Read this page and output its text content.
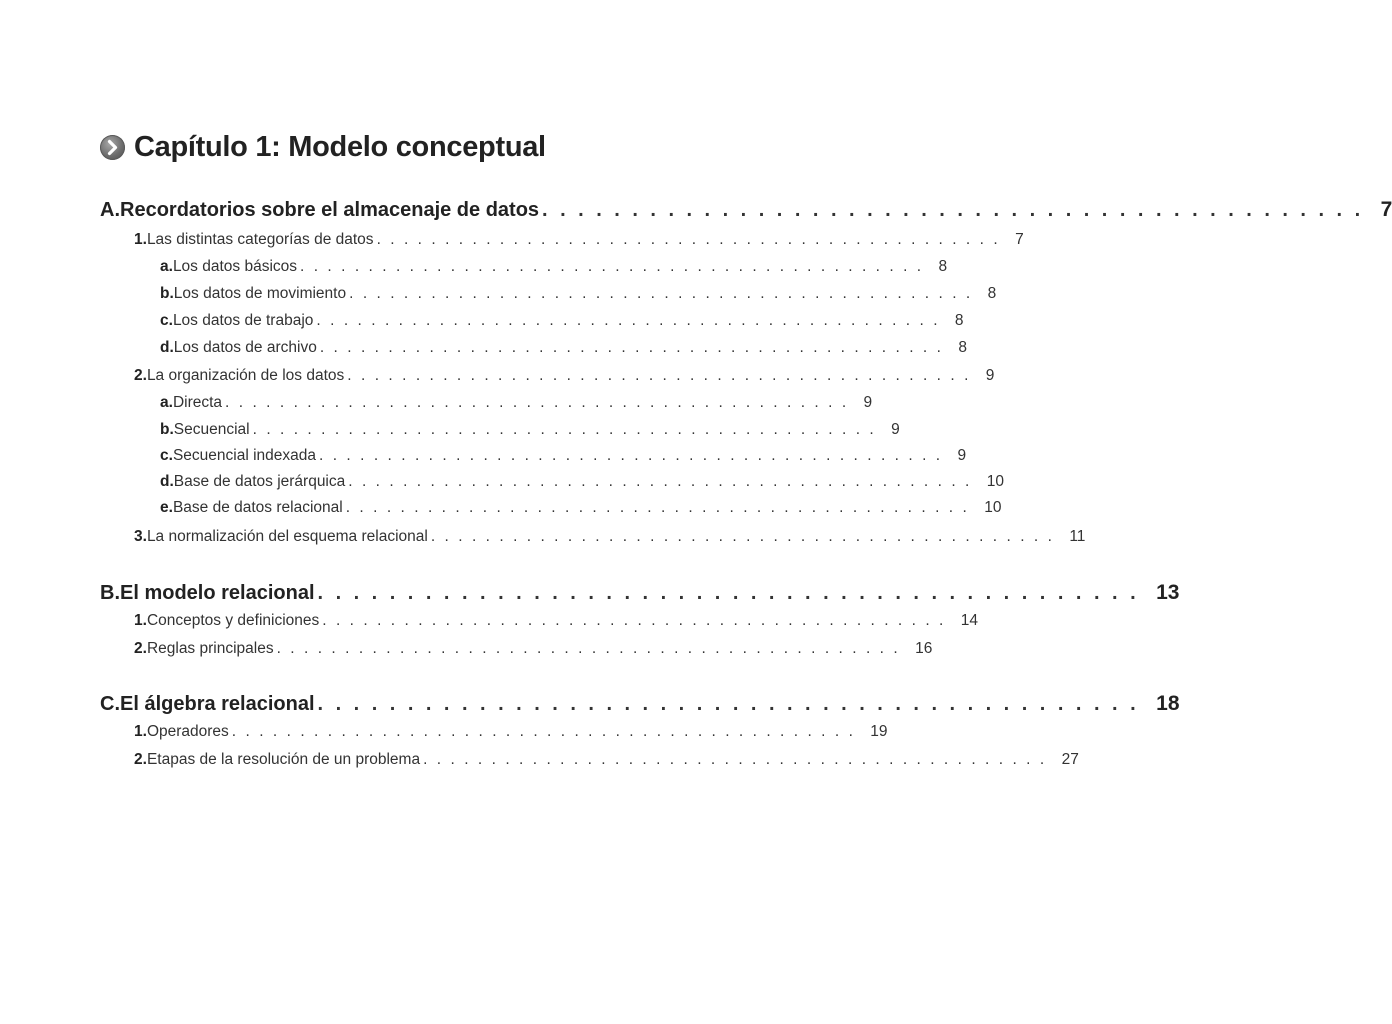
Capítulo 1: Modelo conceptual
A. Recordatorios sobre el almacenaje de datos .............................................. 7
1. Las distintas categorías de datos .............................................. 7
a. Los datos básicos .............................................. 8
b. Los datos de movimiento .............................................. 8
c. Los datos de trabajo .............................................. 8
d. Los datos de archivo .............................................. 8
2. La organización de los datos .............................................. 9
a. Directa .............................................. 9
b. Secuencial .............................................. 9
c. Secuencial indexada .............................................. 9
d. Base de datos jerárquica .............................................. 10
e. Base de datos relacional .............................................. 10
3. La normalización del esquema relacional .............................................. 11
B. El modelo relacional .............................................. 13
1. Conceptos y definiciones .............................................. 14
2. Reglas principales .............................................. 16
C. El álgebra relacional .............................................. 18
1. Operadores .............................................. 19
2. Etapas de la resolución de un problema .............................................. 27
